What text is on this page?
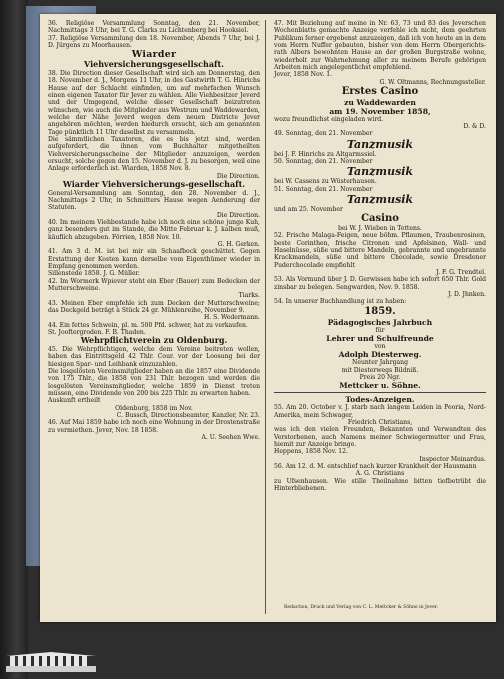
36. Religiöse Versammlung Sonntag, den 21. November, Nachmittags 3 Uhr, bei T. G. Clarks zu Lichtenberg bei Hooksiel.

37. Religiöse Versammlung den 18. November, Abends 7 Uhr, bei J. D. Jürgens zu Moorhausen.

Wiarder

Viehversicherungsgesellschaft.

38. Die Direction dieser Gesellschaft wird sich am Donnerstag, den 18. November d. J., Morgens 11 Uhr, in des Gastwirth T. G. Hinrichs Hause auf der Schlacht einfinden, um auf mehrfachen Wunsch einen eigenen Taxator für Jever zu wählen. Alle Viehbesitzer Jeverd und der Umgegend, welche dieser Gesellschaft beizutreten wünschen, wie auch die Mitglieder aus Westrum und Waddewarden, welche der Nähe Jeverd wegen dem neuen Districte Jever angehören möchten, werden hiedurch ersucht, sich am genannten Tage pünktlich 11 Uhr daselbst zu versammeln.

Die sämmtlichen Taxatoren, die es bis jetzt sind, werden aufgefordert, die ihnen vom Buchhalter mitgetheilten Viehversicherungsscheine der Mitglieder anzuzeigen, werden ersucht, solche gegen den 15. November d. J. zu besorgen, weil eine Anlage erforderlich ist. Wiarden, 1858 Nov. 8.

Die Direction.

Wiarder Viehversicherungs-gesellschaft.

General-Versammlung am Sonntag, den 28. November d. J., Nachmittags 2 Uhr, in Schmitters Hause wegen Aenderung der Statuten.

Die Direction.

40. Im meinem Viehbestande habe ich noch eine schöne junge Kuh, ganz besonders gut im Stande, die Mitte Februar k. J. kalben muß, käuflich abzugeben. Förrien, 1858 Nov. 10.

G. H. Gerken.

41. Am 3 d. M. ist bei mir ein Schaafbock geschüttet. Gegen Erstattung der Kosten kann derselbe vom Eigenthümer wieder in Empfang genommen werden.

Sillenstede 1858. J. G. Müller.

42. Im Wormerk Wpiever steht ein Eber (Bauer) zum Bedecken der Mutterschweine.

Tiarks.

43. Meinen Eber empfehle ich zum Decken der Mutterschweine; das Deckgeld beträgt à Stück 24 gr. Mühlenreihe, November 9.

H. S. Wedermann.

44. Ein fettes Schwein, pl. m. 500 Pfd. schwer, hat zu verkaufen.

St. Jooftergroden. F. B. Thaden.

Wehrpflichtverein zu Oldenburg.

45. Die Wehrpflichtigen, welche dem Vereine beitreten wollen, haben das Eintrittsgeld 42 Thlr. Cour. vor der Loosung bei der hiesigen Spar- und Leihbank einzuzahlen.

Die losgelösten Vereinsmitglieder haben an die 1857 eine Dividende von 175 Thlr., die 1858 von 231 Thlr. bezogen und werden die losgelösten Vereinsmitglieder, welche 1859 in Dienst treten müssen, eine Dividende von 200 bis 225 Thlr. zu erwarten haben.

Auskunft ertheilt

Oldenburg, 1858 im Nov.

C. Bussch, Directionsbeamter, Kanzler, Nr. 23.

46. Auf Mai 1859 habe ich noch eine Wohnung in der Drostenstraße zu vermiethen. Jever, Nov. 18 1858.

A. U. Seehen Wwe.

47. Mit Beziehung auf meine in Nr. 63, 73 und 83 des Jeverschen Wochenblatts gemachte Anzeige verfehle ich nicht, dem geehrten Publikum ferner ergebenst anzuzeigen, daß ich von heute an in dem vom Herrn Nuffer gebauten, bisher von dem Herrn Obergerichts-rath Albers bewohnten Hause an der großen Burgstraße wohne, wiederholt zur Wahrnehmung aller zu meinem Berufe gehörigen Arbeiten mich angelegentlichst empfehlend.

Jever, 1858 Nov. 1.

G. W. Oltmanns, Rechnungssteller.

Erstes Casino

zu Waddewarden

am 19. November 1858,

wozu freundlichst eingeladen wird.

D. & D.

49. Sonntag, den 21. November

Tanzmusik

bei J. F. Hinrichs zu Altgarmssiel.

50. Sonntag, den 21. November

Tanzmusik

bei W. Cassens zu Wüsterhausen.

51. Sonntag, den 21. November

Tanzmusik

und am 25. November

Casino

bei W. J. Wieben in Tettens.

52. Frische Malaga-Feigen, neue böhm. Pflaumen, Traubenrosinen, beste Corinthen, frische Citronen und Apfelsinen, Wall- und Haselnüsse, süße und bittere Mandeln, gebrannte und ungebrannte Krackmandeln, süße und bittere Chocolade, sowie Dresdener Puderchocolade empfiehlt

J. F. G. Trendtel.

53. Als Vormund über J. D. Gerwissen habe ich sofort 650 Thlr. Gold zinsbar zu belegen. Sengwarden, Nov. 9. 1858.

J. D. Jhnken.

54. In unserer Buchhandlung ist zu haben:

1859.

Pädagogisches Jahrbuch

für

Lehrer und Schulfreunde

von

Adolph Diesterweg.

Neunter Jahrgang

mit Diesterwegs Bildniß.

Preis 20 Ngr.

Mettcker u. Söhne.

Todes-Anzeigen.

55. Am 20. October v. J. starb nach langem Leiden in Peoria, Nord-Amerika, mein Schwager,

Friedrich Christians,

was ich den vielen Freunden, Bekannten und Verwandten des Verstorbenen, auch Namens meiner Schwiegermutter und Frau, hiemit zur Anzeige bringe.

Heppens, 1858 Nov. 12.

Inspector Meinardus.

56. Am 12. d. M. entschlief nach kurzer Krankheit der Hausmann

A. G. Christians

zu Ufsenhausen. Wie stille Theilnahme bitten tiefbetrübt die Hinterbliebenen.

Redaction, Druck und Verlag von C. L. Mettcker & Söhne in Jever.
